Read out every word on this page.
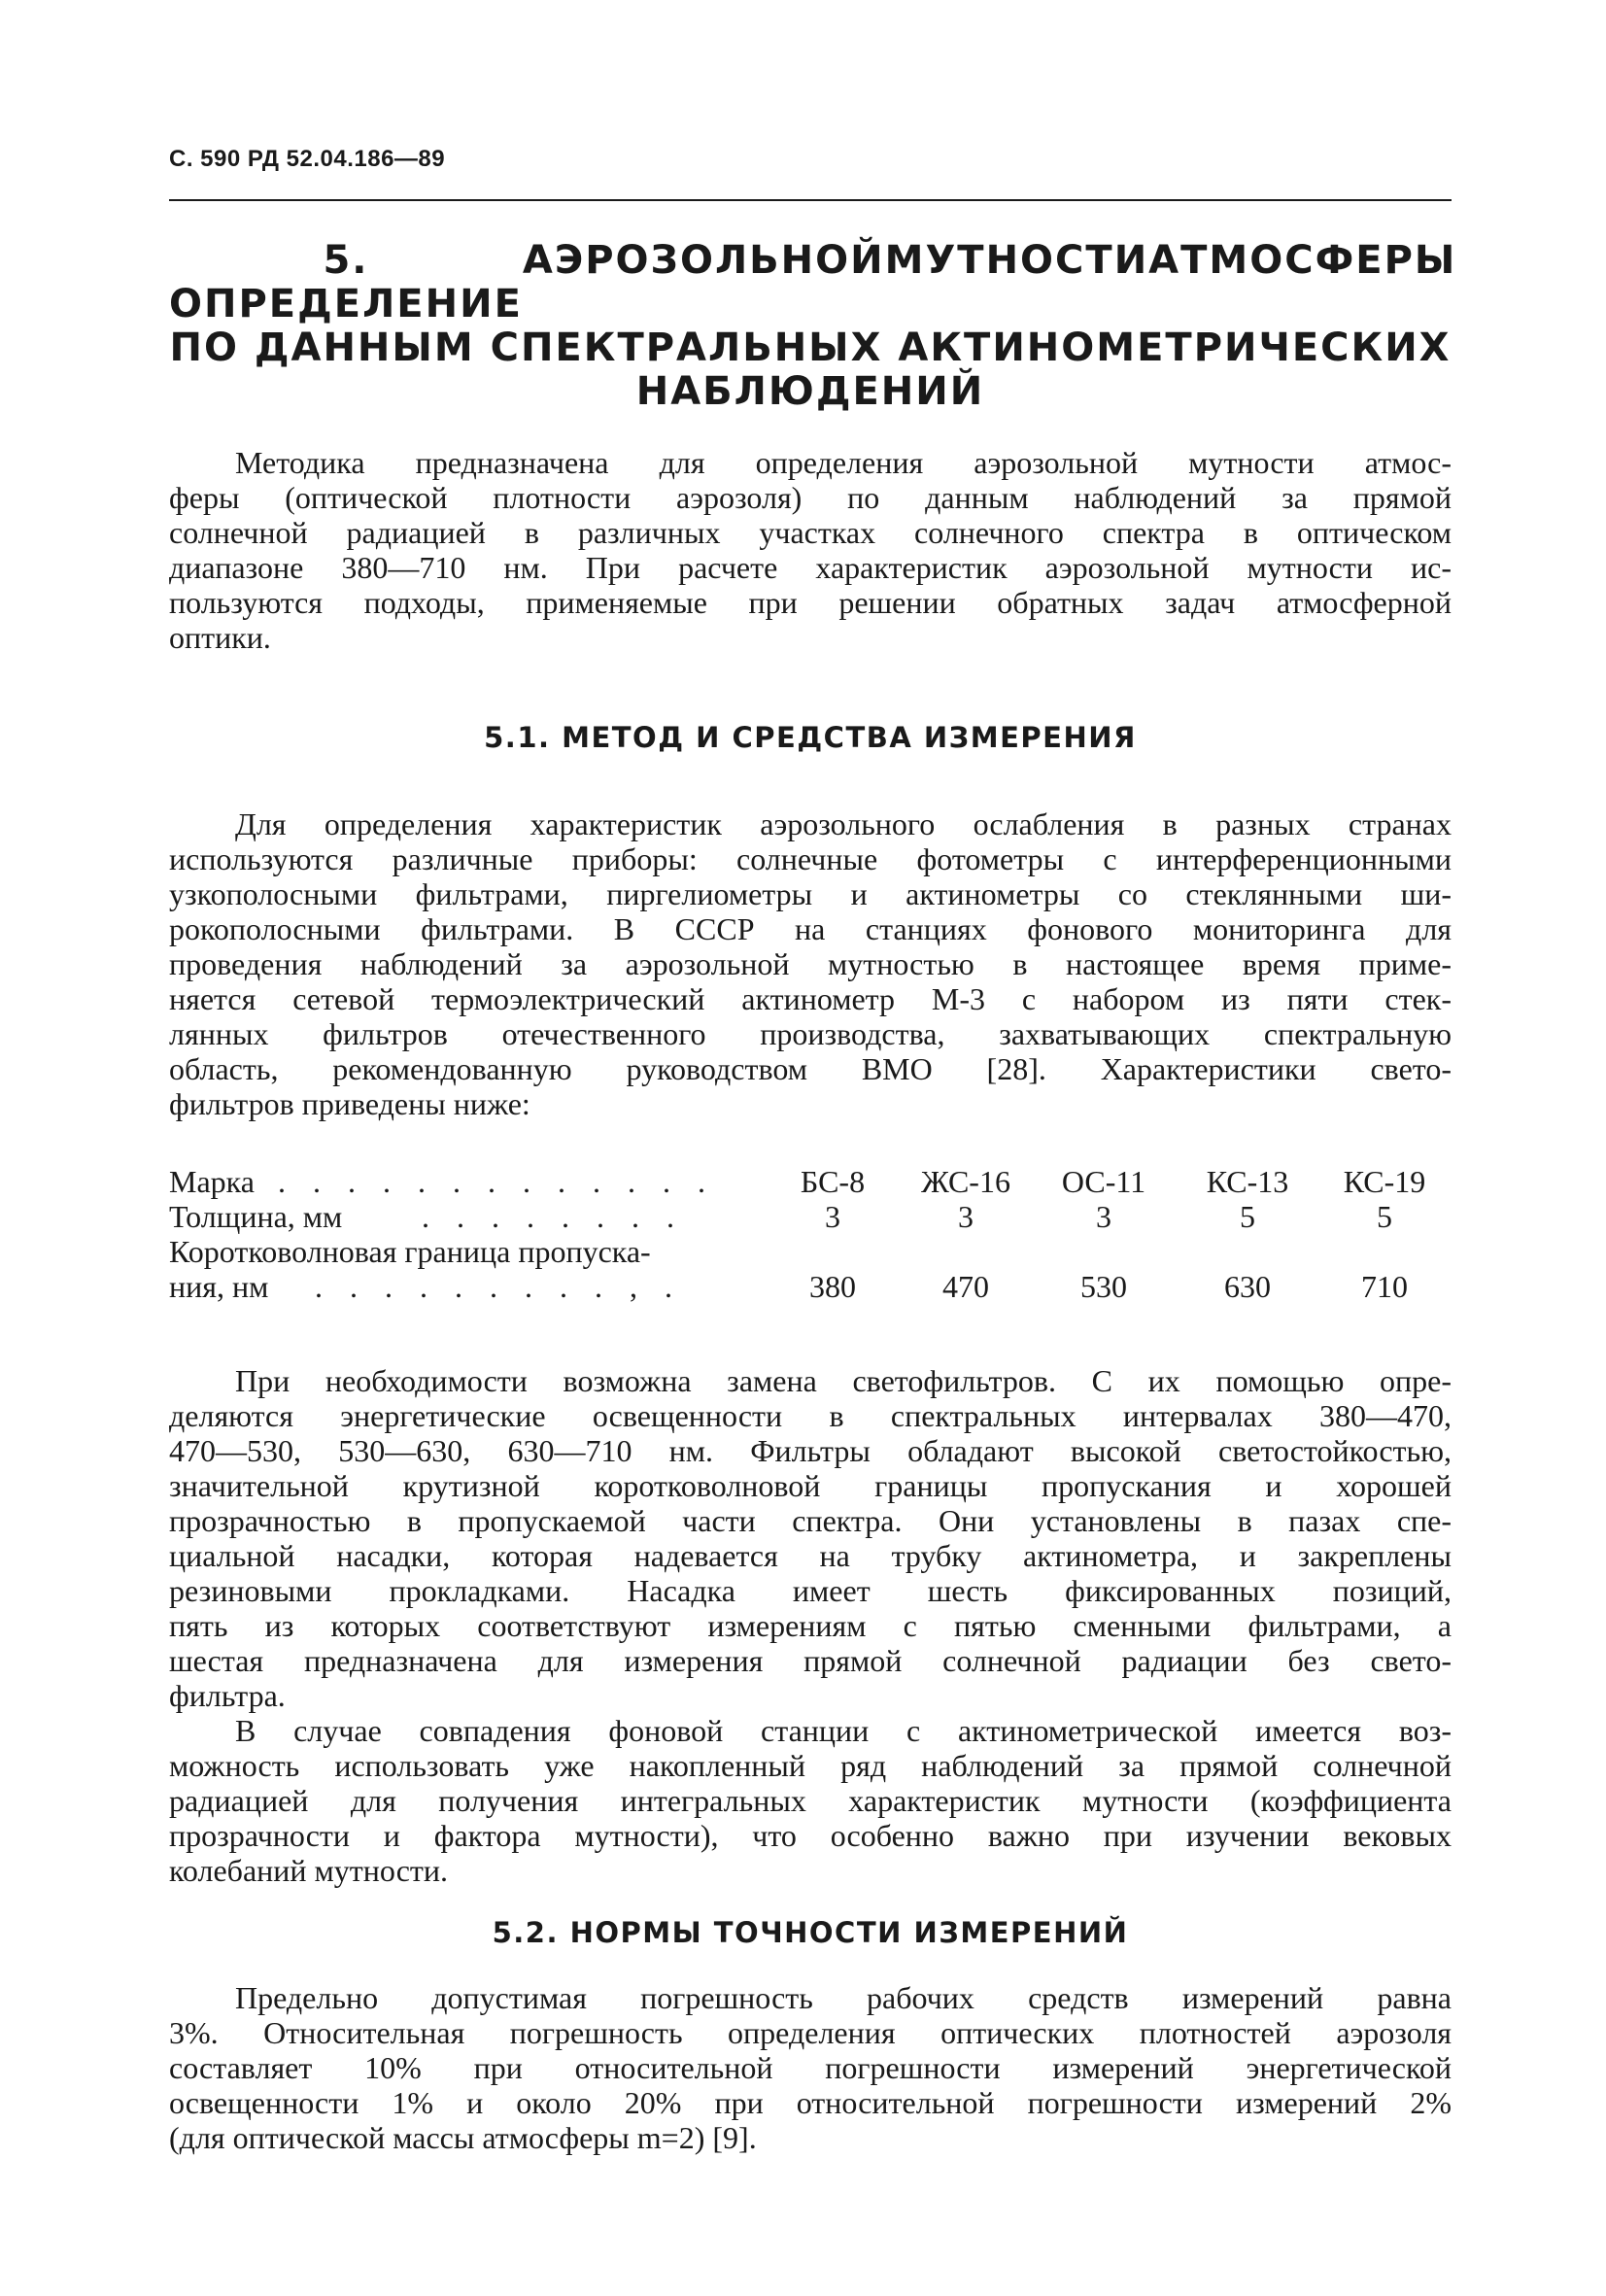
С. 590 РД 52.04.186—89
5. ОПРЕДЕЛЕНИЕ
АЭРОЗОЛЬНОЙ МУТНОСТИ АТМОСФЕРЫ
ПО ДАННЫМ СПЕКТРАЛЬНЫХ АКТИНОМЕТРИЧЕСКИХ
НАБЛЮДЕНИЙ
Методика предназначена для определения аэрозольной мутности атмос-
феры (оптической плотности аэрозоля) по данным наблюдений за прямой
солнечной радиацией в различных участках солнечного спектра в оптическом
диапазоне 380—710 нм. При расчете характеристик аэрозольной мутности ис-
пользуются подходы, применяемые при решении обратных задач атмосферной
оптики.
5.1. МЕТОД И СРЕДСТВА ИЗМЕРЕНИЯ
Для определения характеристик аэрозольного ослабления в разных странах
используются различные приборы: солнечные фотометры с интерференционными
узкополосными фильтрами, пиргелиометры и актинометры со стеклянными ши-
рокополосными фильтрами. В СССР на станциях фонового мониторинга для
проведения наблюдений за аэрозольной мутностью в настоящее время приме-
няется сетевой термоэлектрический актинометр М-3 с набором из пяти стек-
лянных фильтров отечественного производства, захватывающих спектральную
область, рекомендованную руководством ВМО [28]. Характеристики свето-
фильтров приведены ниже:
Марка . . . . . . . . . . . . .	БС-8	ЖС-16	ОС-11	КС-13	КС-19
Толщина, мм	. . . . . . . .	3	3	3	5	5
Коротковолновая граница пропуска-
ния, нм . . . . . . . . . , .	380	470	530	630	710
При необходимости возможна замена светофильтров. С их помощью опре-
деляются энергетические освещенности в спектральных интервалах 380—470,
470—530, 530—630, 630—710 нм. Фильтры обладают высокой светостойкостью,
значительной крутизной коротковолновой границы пропускания и хорошей
прозрачностью в пропускаемой части спектра. Они установлены в пазах спе-
циальной насадки, которая надевается на трубку актинометра, и закреплены
резиновыми прокладками. Насадка имеет шесть фиксированных позиций,
пять из которых соответствуют измерениям с пятью сменными фильтрами, а
шестая предназначена для измерения прямой солнечной радиации без свето-
фильтра.
В случае совпадения фоновой станции с актинометрической имеется воз-
можность использовать уже накопленный ряд наблюдений за прямой солнечной
радиацией для получения интегральных характеристик мутности (коэффициента
прозрачности и фактора мутности), что особенно важно при изучении вековых
колебаний мутности.
5.2. НОРМЫ ТОЧНОСТИ ИЗМЕРЕНИЙ
Предельно допустимая погрешность рабочих средств измерений равна
3%. Относительная погрешность определения оптических плотностей аэрозоля
составляет 10% при относительной погрешности измерений энергетической
освещенности 1% и около 20% при относительной погрешности измерений 2%
(для оптической массы атмосферы m=2) [9].
